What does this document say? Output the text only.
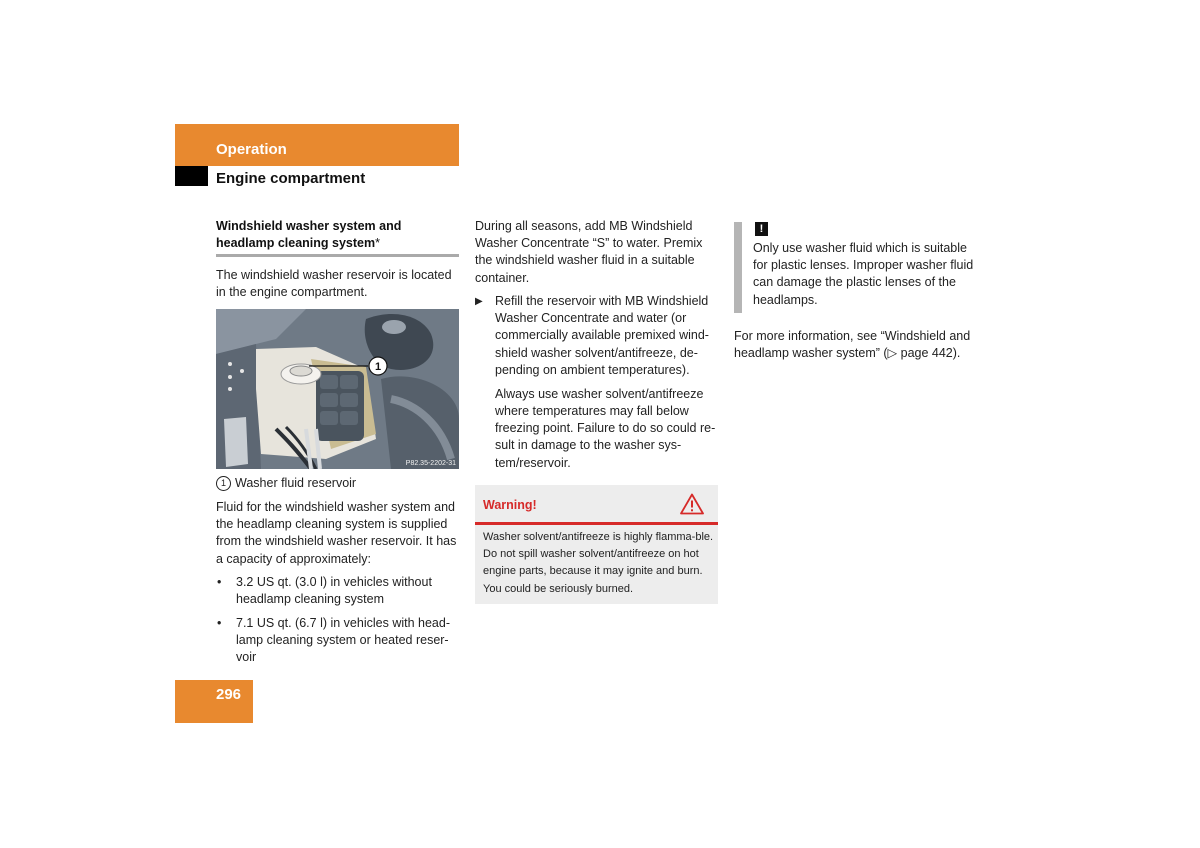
Operation
Engine compartment
Windshield washer system and
headlamp cleaning system*
The windshield washer reservoir is located in the engine compartment.
1
P82.35-2202-31
1 Washer fluid reservoir
Fluid for the windshield washer system and the headlamp cleaning system is supplied from the windshield washer reservoir. It has a capacity of approximately:
• 3.2 US qt. (3.0 l) in vehicles without headlamp cleaning system
• 7.1 US qt. (6.7 l) in vehicles with head-lamp cleaning system or heated reser-voir
296
During all seasons, add MB Windshield Washer Concentrate “S” to water. Premix the windshield washer fluid in a suitable container.
▶ Refill the reservoir with MB Windshield Washer Concentrate and water (or commercially available premixed wind-shield washer solvent/antifreeze, de-pending on ambient temperatures).

Always use washer solvent/antifreeze where temperatures may fall below freezing point. Failure to do so could re-sult in damage to the washer sys-tem/reservoir.

Warning!
Washer solvent/antifreeze is highly flamma-ble. Do not spill washer solvent/antifreeze on hot engine parts, because it may ignite and burn. You could be seriously burned.
!
Only use washer fluid which is suitable for plastic lenses. Improper washer fluid can damage the plastic lenses of the headlamps.
For more information, see “Windshield and headlamp washer system” (▷ page 442).
